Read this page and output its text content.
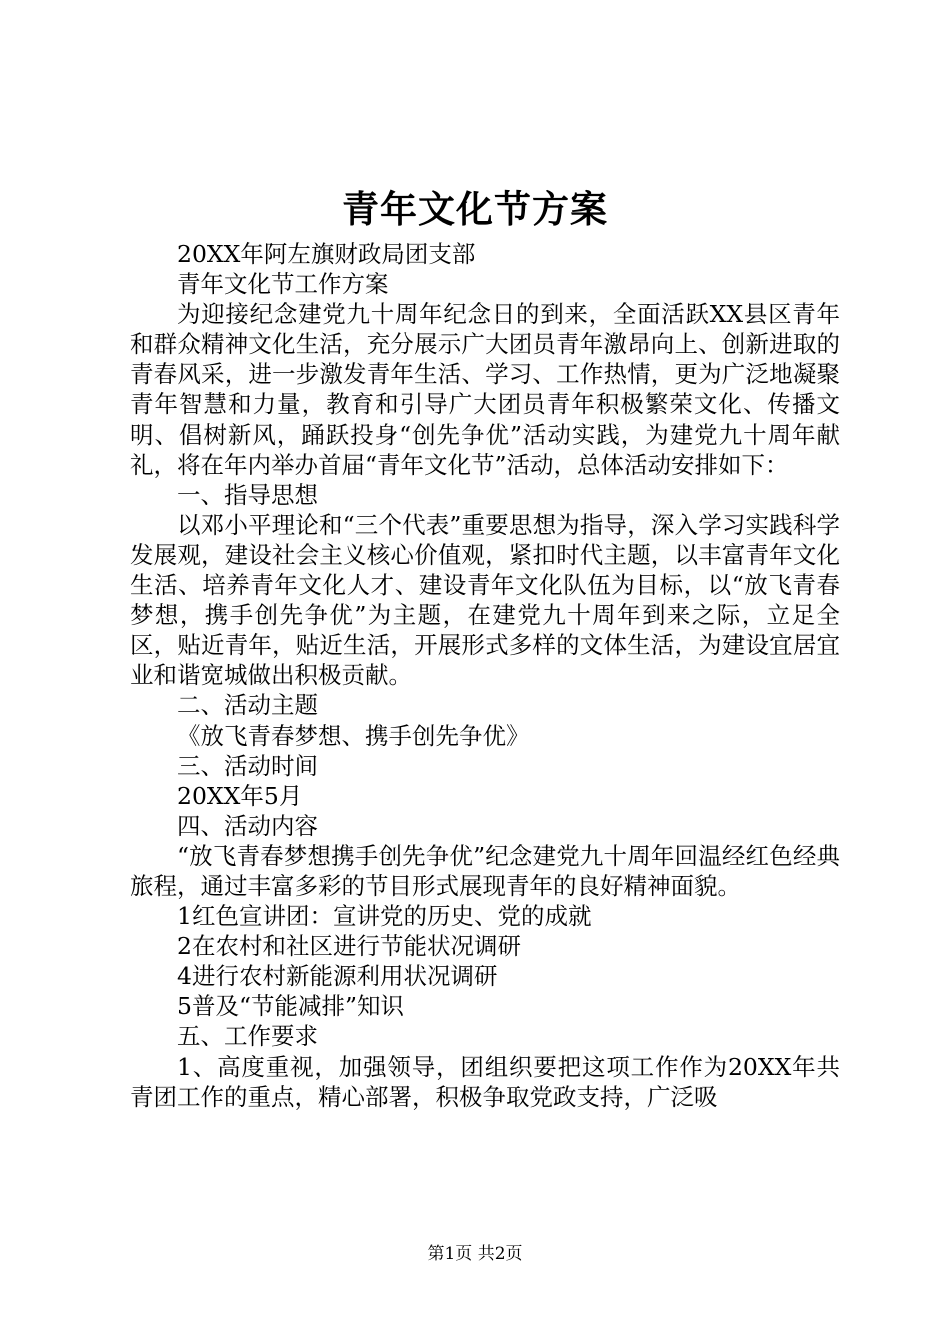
青年文化节方案

20XX年阿左旗财政局团支部

青年文化节工作方案

为迎接纪念建党九十周年纪念日的到来，全面活跃XX县区青年和群众精神文化生活，充分展示广大团员青年激昂向上、创新进取的青春风采，进一步激发青年生活、学习、工作热情，更为广泛地凝聚青年智慧和力量，教育和引导广大团员青年积极繁荣文化、传播文明、倡树新风，踊跃投身“创先争优”活动实践，为建党九十周年献礼，将在年内举办首届“青年文化节”活动，总体活动安排如下：

一、指导思想

以邓小平理论和“三个代表”重要思想为指导，深入学习实践科学发展观，建设社会主义核心价值观，紧扣时代主题，以丰富青年文化生活、培养青年文化人才、建设青年文化队伍为目标，以“放飞青春梦想，携手创先争优”为主题，在建党九十周年到来之际，立足全区，贴近青年，贴近生活，开展形式多样的文体生活，为建设宜居宜业和谐宽城做出积极贡献。

二、活动主题

《放飞青春梦想、携手创先争优》

三、活动时间

20XX年5月

四、活动内容

“放飞青春梦想携手创先争优”纪念建党九十周年回温经红色经典旅程，通过丰富多彩的节目形式展现青年的良好精神面貌。

1红色宣讲团：宣讲党的历史、党的成就

2在农村和社区进行节能状况调研

4进行农村新能源利用状况调研

5普及“节能减排”知识

五、工作要求

1、高度重视，加强领导，团组织要把这项工作作为20XX年共青团工作的重点，精心部署，积极争取党政支持，广泛吸

第1页 共2页
